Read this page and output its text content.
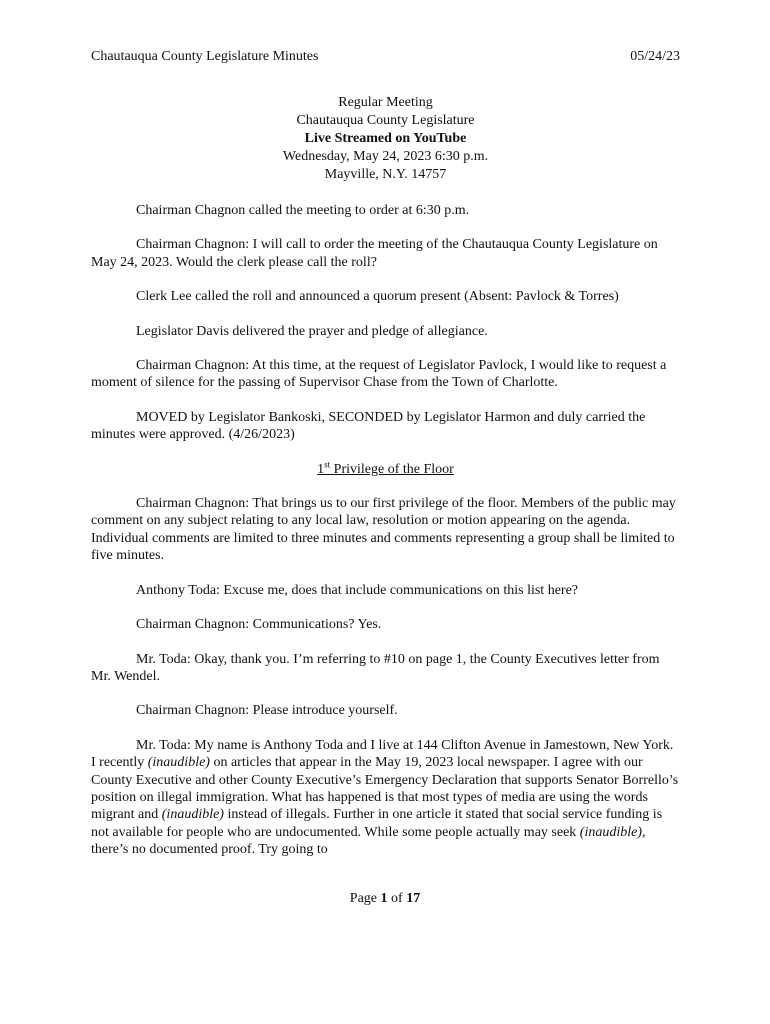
Chautauqua County Legislature Minutes	05/24/23
Regular Meeting
Chautauqua County Legislature
Live Streamed on YouTube
Wednesday, May 24, 2023 6:30 p.m.
Mayville, N.Y. 14757

Chairman Chagnon called the meeting to order at 6:30 p.m.

Chairman Chagnon: I will call to order the meeting of the Chautauqua County Legislature on May 24, 2023. Would the clerk please call the roll?

Clerk Lee called the roll and announced a quorum present (Absent: Pavlock & Torres)

Legislator Davis delivered the prayer and pledge of allegiance.

Chairman Chagnon: At this time, at the request of Legislator Pavlock, I would like to request a moment of silence for the passing of Supervisor Chase from the Town of Charlotte.

MOVED by Legislator Bankoski, SECONDED by Legislator Harmon and duly carried the minutes were approved. (4/26/2023)

1st Privilege of the Floor

Chairman Chagnon: That brings us to our first privilege of the floor. Members of the public may comment on any subject relating to any local law, resolution or motion appearing on the agenda. Individual comments are limited to three minutes and comments representing a group shall be limited to five minutes.

Anthony Toda: Excuse me, does that include communications on this list here?

Chairman Chagnon: Communications? Yes.

Mr. Toda: Okay, thank you. I’m referring to #10 on page 1, the County Executives letter from Mr. Wendel.

Chairman Chagnon: Please introduce yourself.

Mr. Toda: My name is Anthony Toda and I live at 144 Clifton Avenue in Jamestown, New York. I recently (inaudible) on articles that appear in the May 19, 2023 local newspaper. I agree with our County Executive and other County Executive’s Emergency Declaration that supports Senator Borrello’s position on illegal immigration. What has happened is that most types of media are using the words migrant and (inaudible) instead of illegals. Further in one article it stated that social service funding is not available for people who are undocumented. While some people actually may seek (inaudible), there’s no documented proof. Try going to

Page 1 of 17
